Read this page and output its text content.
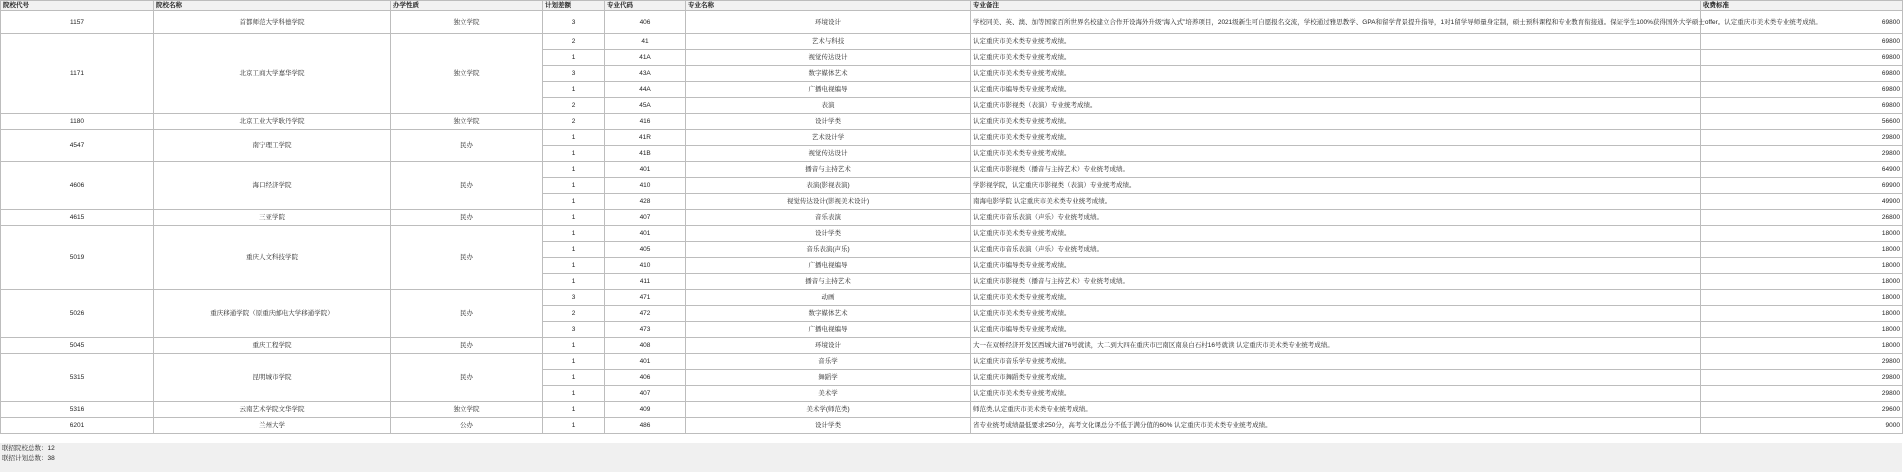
院校代号	院校名称	办学性质	计划差额	专业代码	专业名称	专业备注	收费标准
1157	首都师范大学科德学院	独立学院	3	406	环境设计	学校同美、英、澳、加等国家百所世界名校建立合作开设海外升级“海入式”培养项目，2021级新生可自愿报名交流，学校通过雅思教学、GPA和留学背景提升指导，1对1留学导师量身定制，硕士预科课程和专业教育衔接通。保证学生100%获得国外大学硕士offer。认定重庆市美术类专业统考成绩。	69800
1171	北京工商大学嘉华学院	独立学院	2	41	艺术与科技	认定重庆市美术类专业统考成绩。	69800
			1	41A	视觉传达设计	认定重庆市美术类专业统考成绩。	69800
			3	43A	数字媒体艺术	认定重庆市美术类专业统考成绩。	69800
			1	44A	广播电视编导	认定重庆市编导类专业统考成绩。	69800
			2	45A	表演	认定重庆市影视类（表演）专业统考成绩。	69800
1180	北京工业大学耿丹学院	独立学院	2	416	设计学类	认定重庆市美术类专业统考成绩。	56600
4547	南宁理工学院	民办	1	41R	艺术设计学	认定重庆市美术类专业统考成绩。	29800
			1	41B	视觉传达设计	认定重庆市美术类专业统考成绩。	29800
4606	海口经济学院	民办	1	401	播音与主持艺术	认定重庆市影视类（播音与主持艺术）专业统考成绩。	64900
			1	410	表演(影视表演)	学影视学院，认定重庆市影视类（表演）专业统考成绩。	69900
			1	428	视觉传达设计(影视美术设计)	南海电影学院 认定重庆市美术类专业统考成绩。	49900
4615	三亚学院	民办	1	407	音乐表演	认定重庆市音乐表演（声乐）专业统考成绩。	26800
5019	重庆人文科技学院	民办	1	401	设计学类	认定重庆市美术类专业统考成绩。	18000
			1	405	音乐表演(声乐)	认定重庆市音乐表演（声乐）专业统考成绩。	18000
			1	410	广播电视编导	认定重庆市编导类专业统考成绩。	18000
			1	411	播音与主持艺术	认定重庆市影视类（播音与主持艺术）专业统考成绩。	18000
5026	重庆移通学院（原重庆邮电大学移通学院）	民办	3	471	动画	认定重庆市美术类专业统考成绩。	18000
			2	472	数字媒体艺术	认定重庆市美术类专业统考成绩。	18000
			3	473	广播电视编导	认定重庆市编导类专业统考成绩。	18000
5045	重庆工程学院	民办	1	408	环境设计	大一在双桥经济开发区西城大道76号就读，大二到大四在重庆市巴南区南泉白石村16号就读 认定重庆市美术类专业统考成绩。	18000
5315	昆明城市学院	民办	1	401	音乐学	认定重庆市音乐学专业统考成绩。	29800
			1	406	舞蹈学	认定重庆市舞蹈类专业统考成绩。	29800
			1	407	美术学	认定重庆市美术类专业统考成绩。	29800
5316	云南艺术学院文华学院	独立学院	1	409	美术学(师范类)	师范类,认定重庆市美术类专业统考成绩。	29600
6201	兰州大学	公办	1	486	设计学类	省专业统考成绩最低要求250分，高考文化课总分不低于满分值的60% 认定重庆市美术类专业统考成绩。	9000
联招院校总数：12
联招计划总数：38
